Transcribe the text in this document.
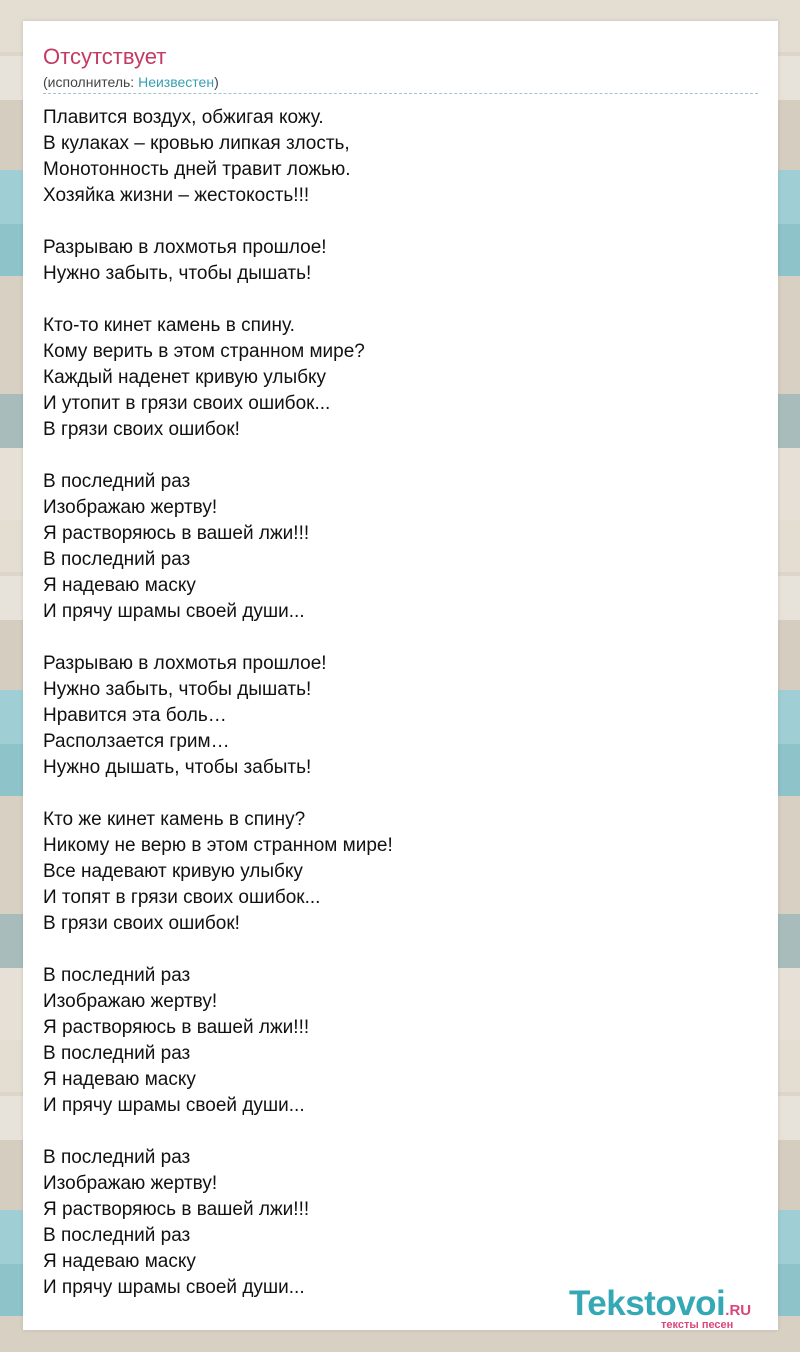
Отсутствует
(исполнитель: Неизвестен)
Плавится воздух, обжигая кожу.
В кулаках – кровью липкая злость,
Монотонность дней травит ложью.
Хозяйка жизни – жестокость!!!
Разрываю в лохмотья прошлое!
Нужно забыть, чтобы дышать!
Кто-то кинет камень в спину.
Кому верить в этом странном мире?
Каждый наденет кривую улыбку
И утопит в грязи своих ошибок...
В грязи своих ошибок!
В последний раз
Изображаю жертву!
Я растворяюсь в вашей лжи!!!
В последний раз
Я надеваю маску
И прячу шрамы своей души...
Разрываю в лохмотья прошлое!
Нужно забыть, чтобы дышать!
Нравится эта боль…
Расползается грим…
Нужно дышать, чтобы забыть!
Кто же кинет камень в спину?
Никому не верю в этом странном мире!
Все надевают кривую улыбку
И топят в грязи своих ошибок...
В грязи своих ошибок!
В последний раз
Изображаю жертву!
Я растворяюсь в вашей лжи!!!
В последний раз
Я надеваю маску
И прячу шрамы своей души...
В последний раз
Изображаю жертву!
Я растворяюсь в вашей лжи!!!
В последний раз
Я надеваю маску
И прячу шрамы своей души...	Tekstovoi.RU
тексты песен
